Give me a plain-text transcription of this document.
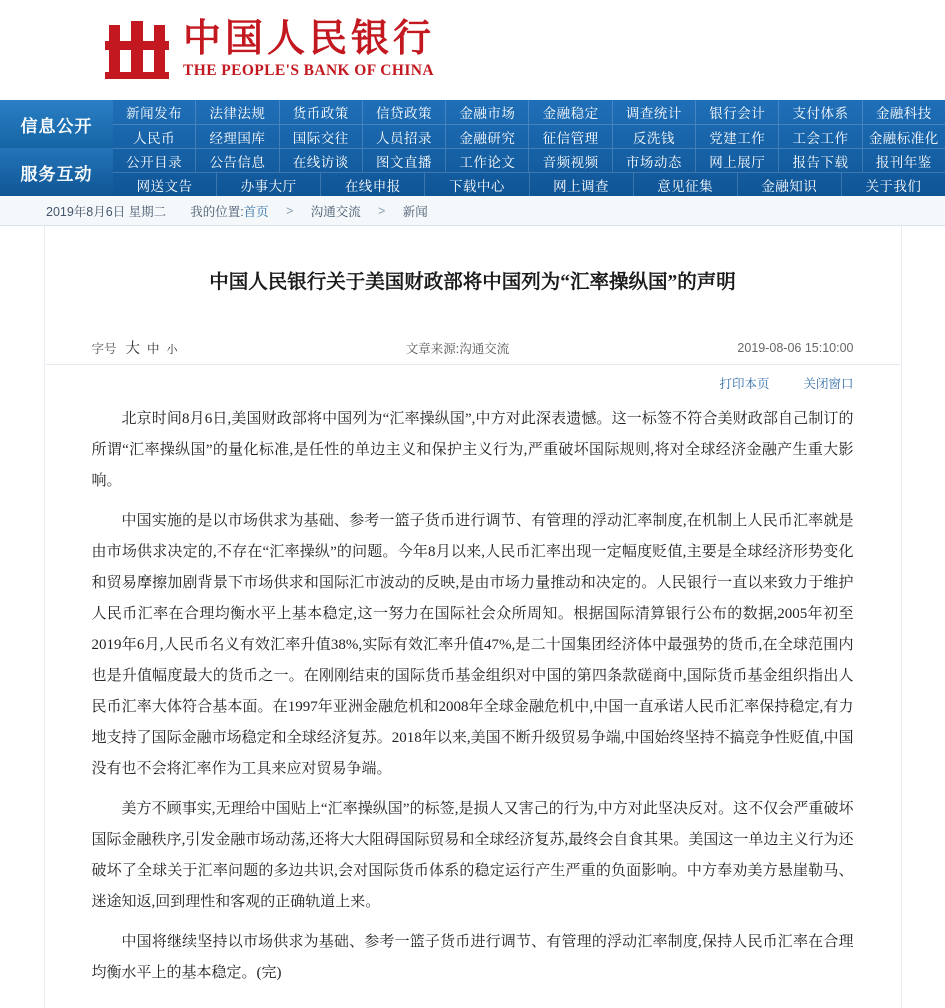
中国人民银行
THE PEOPLE'S BANK OF CHINA
信息公开
服务互动
新闻发布	法律法规	货币政策	信贷政策	金融市场	金融稳定	调查统计	银行会计	支付体系	金融科技
人民币	经理国库	国际交往	人员招录	金融研究	征信管理	反洗钱	党建工作	工会工作	金融标准化
公开目录	公告信息	在线访谈	图文直播	工作论文	音频视频	市场动态	网上展厅	报告下载	报刊年鉴
网送文告	办事大厅	在线申报	下载中心	网上调查	意见征集	金融知识	关于我们
2019年8月6日 星期二 我的位置: 首页	>	沟通交流	>	新闻
中国人民银行关于美国财政部将中国列为“汇率操纵国”的声明
字号 大 中 小	文章来源:沟通交流	2019-08-06 15:10:00
打印本页	关闭窗口

北京时间8月6日,美国财政部将中国列为“汇率操纵国”,中方对此深表遗憾。这一标签不符合美财政部自己制订的所谓“汇率操纵国”的量化标准,是任性的单边主义和保护主义行为,严重破坏国际规则,将对全球经济金融产生重大影响。

中国实施的是以市场供求为基础、参考一篮子货币进行调节、有管理的浮动汇率制度,在机制上人民币汇率就是由市场供求决定的,不存在“汇率操纵”的问题。今年8月以来,人民币汇率出现一定幅度贬值,主要是全球经济形势变化和贸易摩擦加剧背景下市场供求和国际汇市波动的反映,是由市场力量推动和决定的。人民银行一直以来致力于维护人民币汇率在合理均衡水平上基本稳定,这一努力在国际社会众所周知。根据国际清算银行公布的数据,2005年初至2019年6月,人民币名义有效汇率升值38%,实际有效汇率升值47%,是二十国集团经济体中最强势的货币,在全球范围内也是升值幅度最大的货币之一。在刚刚结束的国际货币基金组织对中国的第四条款磋商中,国际货币基金组织指出人民币汇率大体符合基本面。在1997年亚洲金融危机和2008年全球金融危机中,中国一直承诺人民币汇率保持稳定,有力地支持了国际金融市场稳定和全球经济复苏。2018年以来,美国不断升级贸易争端,中国始终坚持不搞竞争性贬值,中国没有也不会将汇率作为工具来应对贸易争端。

美方不顾事实,无理给中国贴上“汇率操纵国”的标签,是损人又害己的行为,中方对此坚决反对。这不仅会严重破坏国际金融秩序,引发金融市场动荡,还将大大阻碍国际贸易和全球经济复苏,最终会自食其果。美国这一单边主义行为还破坏了全球关于汇率问题的多边共识,会对国际货币体系的稳定运行产生严重的负面影响。中方奉劝美方悬崖勒马、迷途知返,回到理性和客观的正确轨道上来。

中国将继续坚持以市场供求为基础、参考一篮子货币进行调节、有管理的浮动汇率制度,保持人民币汇率在合理均衡水平上的基本稳定。(完)
